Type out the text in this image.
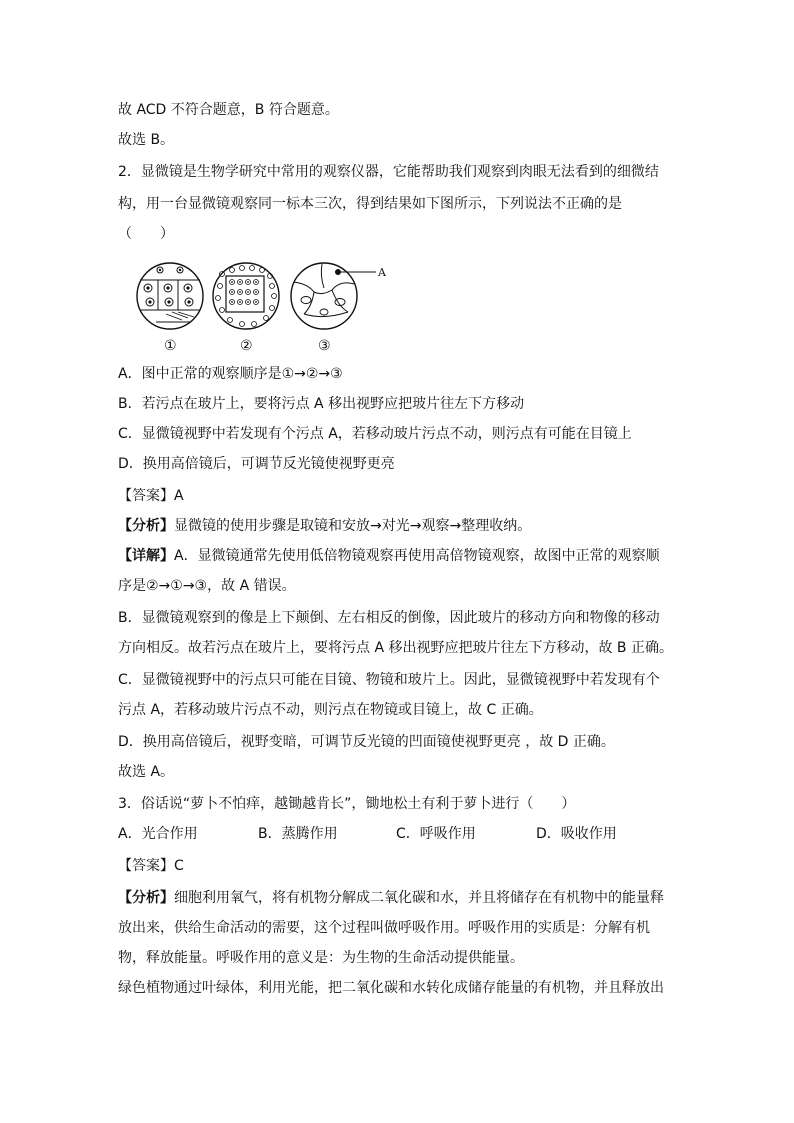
故 ACD 不符合题意，B 符合题意。
故选 B。
2．显微镜是生物学研究中常用的观察仪器，它能帮助我们观察到肉眼无法看到的细微结
构，用一台显微镜观察同一标本三次，得到结果如下图所示，下列说法不正确的是
（　　）
A
①	②	③
A．图中正常的观察顺序是①→②→③
B．若污点在玻片上，要将污点 A 移出视野应把玻片往左下方移动
C．显微镜视野中若发现有个污点 A，若移动玻片污点不动，则污点有可能在目镜上
D．换用高倍镜后，可调节反光镜使视野更亮
【答案】A
【分析】显微镜的使用步骤是取镜和安放→对光→观察→整理收纳。
【详解】A．显微镜通常先使用低倍物镜观察再使用高倍物镜观察，故图中正常的观察顺
序是②→①→③，故 A 错误。
B．显微镜观察到的像是上下颠倒、左右相反的倒像，因此玻片的移动方向和物像的移动
方向相反。故若污点在玻片上，要将污点 A 移出视野应把玻片往左下方移动，故 B 正确。
C．显微镜视野中的污点只可能在目镜、物镜和玻片上。因此，显微镜视野中若发现有个
污点 A，若移动玻片污点不动，则污点在物镜或目镜上，故 C 正确。
D．换用高倍镜后，视野变暗，可调节反光镜的凹面镜使视野更亮 ，故 D 正确。
故选 A。
3．俗话说“萝卜不怕痒，越锄越肯长”，锄地松土有利于萝卜进行（　　）
A．光合作用	B．蒸腾作用	C．呼吸作用	D．吸收作用
【答案】C
【分析】细胞利用氧气，将有机物分解成二氧化碳和水，并且将储存在有机物中的能量释
放出来，供给生命活动的需要，这个过程叫做呼吸作用。呼吸作用的实质是：分解有机
物，释放能量。呼吸作用的意义是：为生物的生命活动提供能量。
绿色植物通过叶绿体，利用光能，把二氧化碳和水转化成储存能量的有机物，并且释放出
